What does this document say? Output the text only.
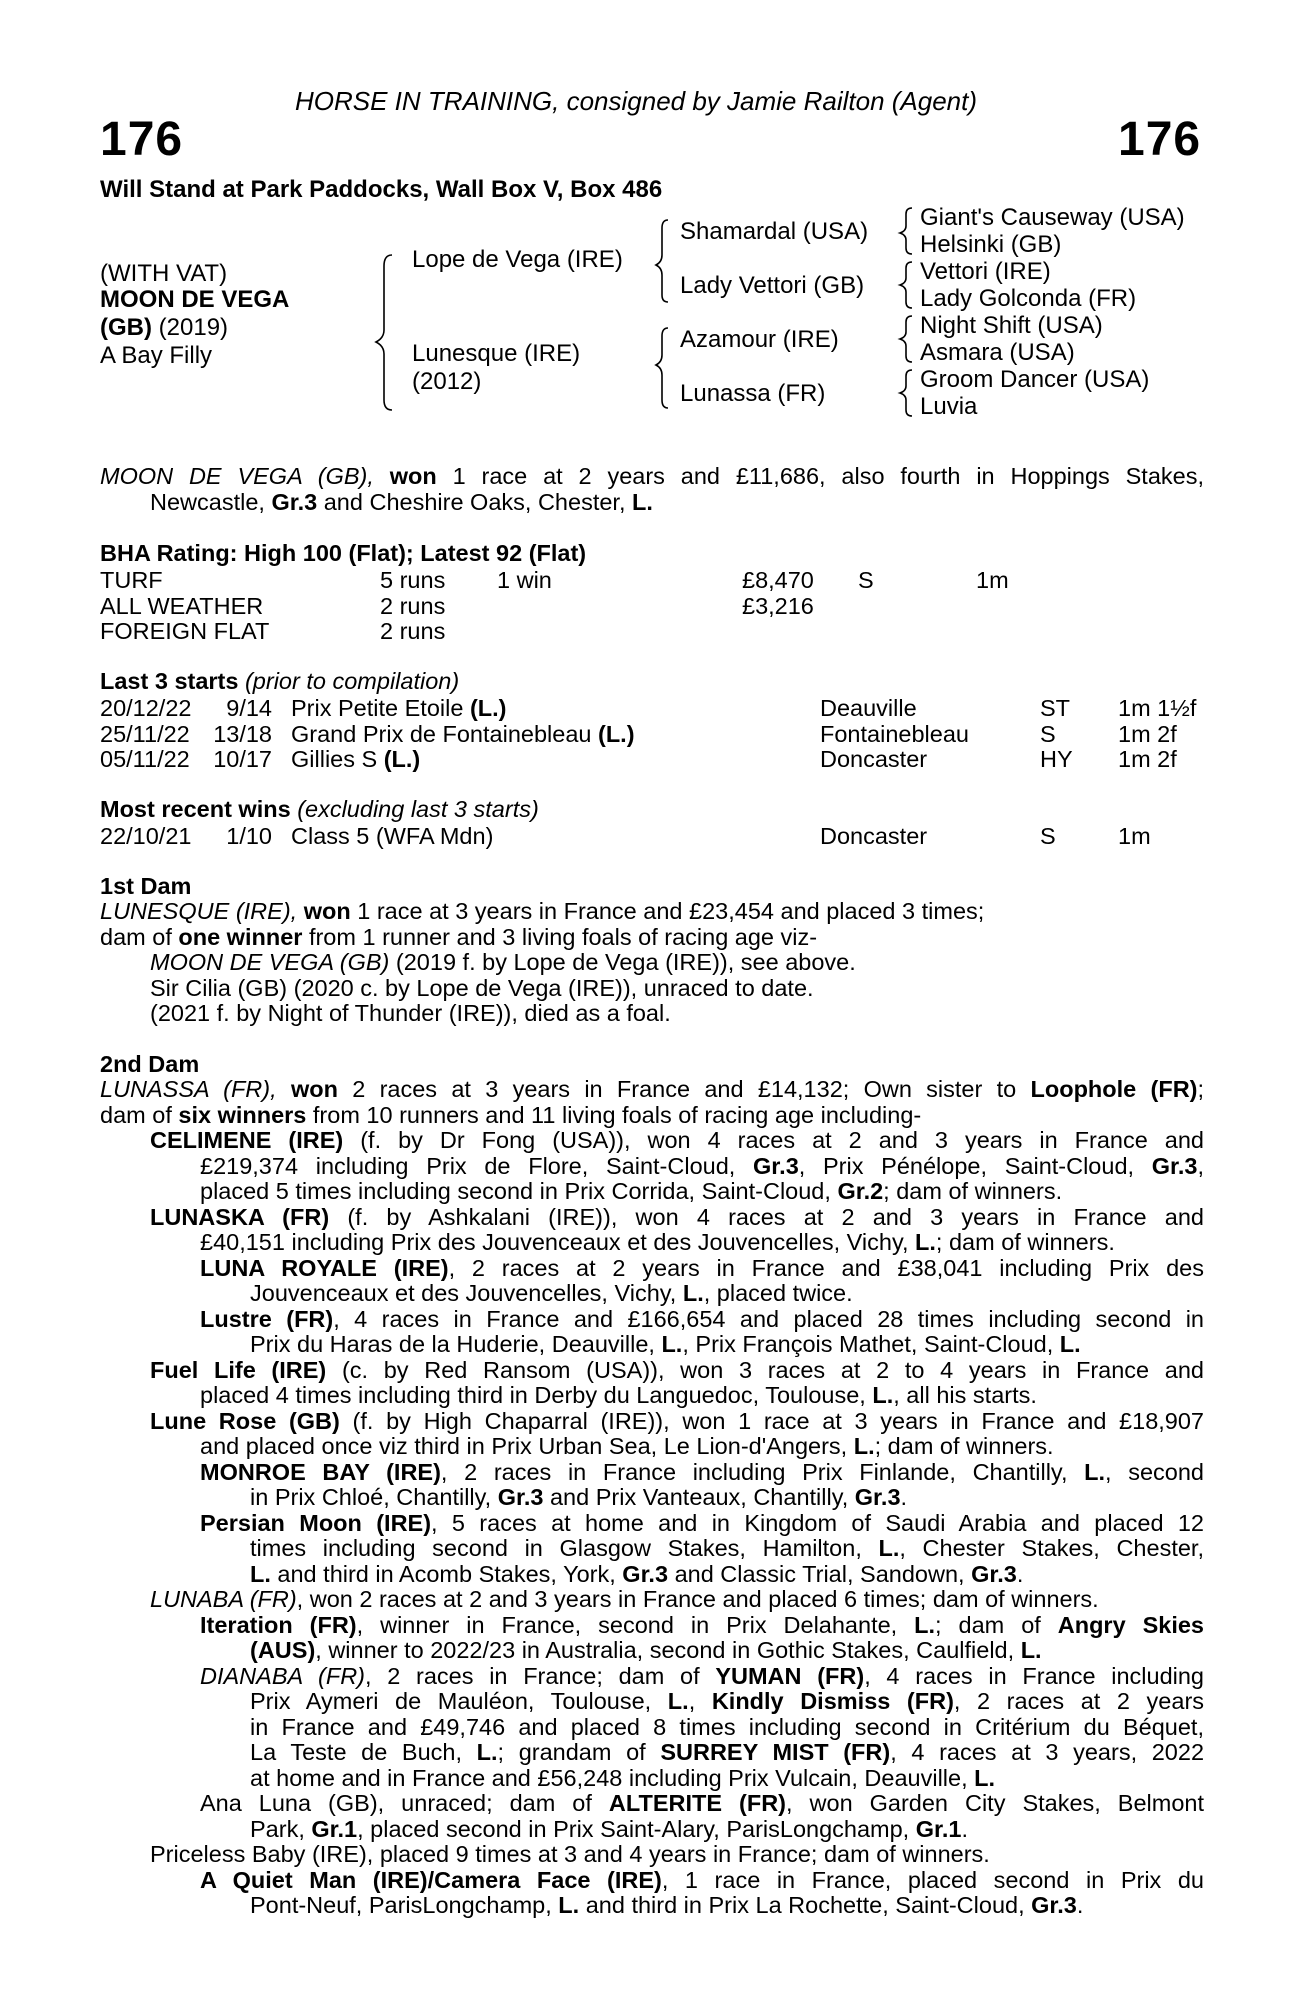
HORSE IN TRAINING, consigned by Jamie Railton (Agent)
176	176
Will Stand at Park Paddocks, Wall Box V, Box 486
(WITH VAT)
MOON DE VEGA
(GB) (2019)
A Bay Filly
Lope de Vega (IRE)
Lunesque (IRE)
(2012)
Shamardal (USA)
Lady Vettori (GB)
Azamour (IRE)
Lunassa (FR)
Giant's Causeway (USA)
Helsinki (GB)
Vettori (IRE)
Lady Golconda (FR)
Night Shift (USA)
Asmara (USA)
Groom Dancer (USA)
Luvia
MOON DE VEGA (GB), won 1 race at 2 years and £11,686, also fourth in Hoppings Stakes,
Newcastle, Gr.3 and Cheshire Oaks, Chester, L.
BHA Rating: High 100 (Flat); Latest 92 (Flat)
TURF	5 runs 1 win	£8,470 S	1m
ALL WEATHER	2 runs	£3,216
FOREIGN FLAT	2 runs
Last 3 starts (prior to compilation)
20/12/22 9/14 Prix Petite Etoile (L.)	Deauville	ST 1m 1½f
25/11/22 13/18 Grand Prix de Fontainebleau (L.)	Fontainebleau	S	1m 2f
05/11/22 10/17 Gillies S (L.)	Doncaster	HY 1m 2f
Most recent wins (excluding last 3 starts)
22/10/21 1/10 Class 5 (WFA Mdn)	Doncaster	S	1m
1st Dam
LUNESQUE (IRE), won 1 race at 3 years in France and £23,454 and placed 3 times;
dam of one winner from 1 runner and 3 living foals of racing age viz-
MOON DE VEGA (GB) (2019 f. by Lope de Vega (IRE)), see above.
Sir Cilia (GB) (2020 c. by Lope de Vega (IRE)), unraced to date.
(2021 f. by Night of Thunder (IRE)), died as a foal.
2nd Dam
LUNASSA (FR), won 2 races at 3 years in France and £14,132; Own sister to Loophole (FR);
dam of six winners from 10 runners and 11 living foals of racing age including-
CELIMENE (IRE) (f. by Dr Fong (USA)), won 4 races at 2 and 3 years in France and
£219,374 including Prix de Flore, Saint-Cloud, Gr.3, Prix Pénélope, Saint-Cloud, Gr.3,
placed 5 times including second in Prix Corrida, Saint-Cloud, Gr.2; dam of winners.
LUNASKA (FR) (f. by Ashkalani (IRE)), won 4 races at 2 and 3 years in France and
£40,151 including Prix des Jouvenceaux et des Jouvencelles, Vichy, L.; dam of winners.
LUNA ROYALE (IRE), 2 races at 2 years in France and £38,041 including Prix des
Jouvenceaux et des Jouvencelles, Vichy, L., placed twice.
Lustre (FR), 4 races in France and £166,654 and placed 28 times including second in
Prix du Haras de la Huderie, Deauville, L., Prix François Mathet, Saint-Cloud, L.
Fuel Life (IRE) (c. by Red Ransom (USA)), won 3 races at 2 to 4 years in France and
placed 4 times including third in Derby du Languedoc, Toulouse, L., all his starts.
Lune Rose (GB) (f. by High Chaparral (IRE)), won 1 race at 3 years in France and £18,907
and placed once viz third in Prix Urban Sea, Le Lion-d'Angers, L.; dam of winners.
MONROE BAY (IRE), 2 races in France including Prix Finlande, Chantilly, L., second
in Prix Chloé, Chantilly, Gr.3 and Prix Vanteaux, Chantilly, Gr.3.
Persian Moon (IRE), 5 races at home and in Kingdom of Saudi Arabia and placed 12
times including second in Glasgow Stakes, Hamilton, L., Chester Stakes, Chester,
L. and third in Acomb Stakes, York, Gr.3 and Classic Trial, Sandown, Gr.3.
LUNABA (FR), won 2 races at 2 and 3 years in France and placed 6 times; dam of winners.
Iteration (FR), winner in France, second in Prix Delahante, L.; dam of Angry Skies
(AUS), winner to 2022/23 in Australia, second in Gothic Stakes, Caulfield, L.
DIANABA (FR), 2 races in France; dam of YUMAN (FR), 4 races in France including
Prix Aymeri de Mauléon, Toulouse, L., Kindly Dismiss (FR), 2 races at 2 years
in France and £49,746 and placed 8 times including second in Critérium du Béquet,
La Teste de Buch, L.; grandam of SURREY MIST (FR), 4 races at 3 years, 2022
at home and in France and £56,248 including Prix Vulcain, Deauville, L.
Ana Luna (GB), unraced; dam of ALTERITE (FR), won Garden City Stakes, Belmont
Park, Gr.1, placed second in Prix Saint-Alary, ParisLongchamp, Gr.1.
Priceless Baby (IRE), placed 9 times at 3 and 4 years in France; dam of winners.
A Quiet Man (IRE)/Camera Face (IRE), 1 race in France, placed second in Prix du
Pont-Neuf, ParisLongchamp, L. and third in Prix La Rochette, Saint-Cloud, Gr.3.
